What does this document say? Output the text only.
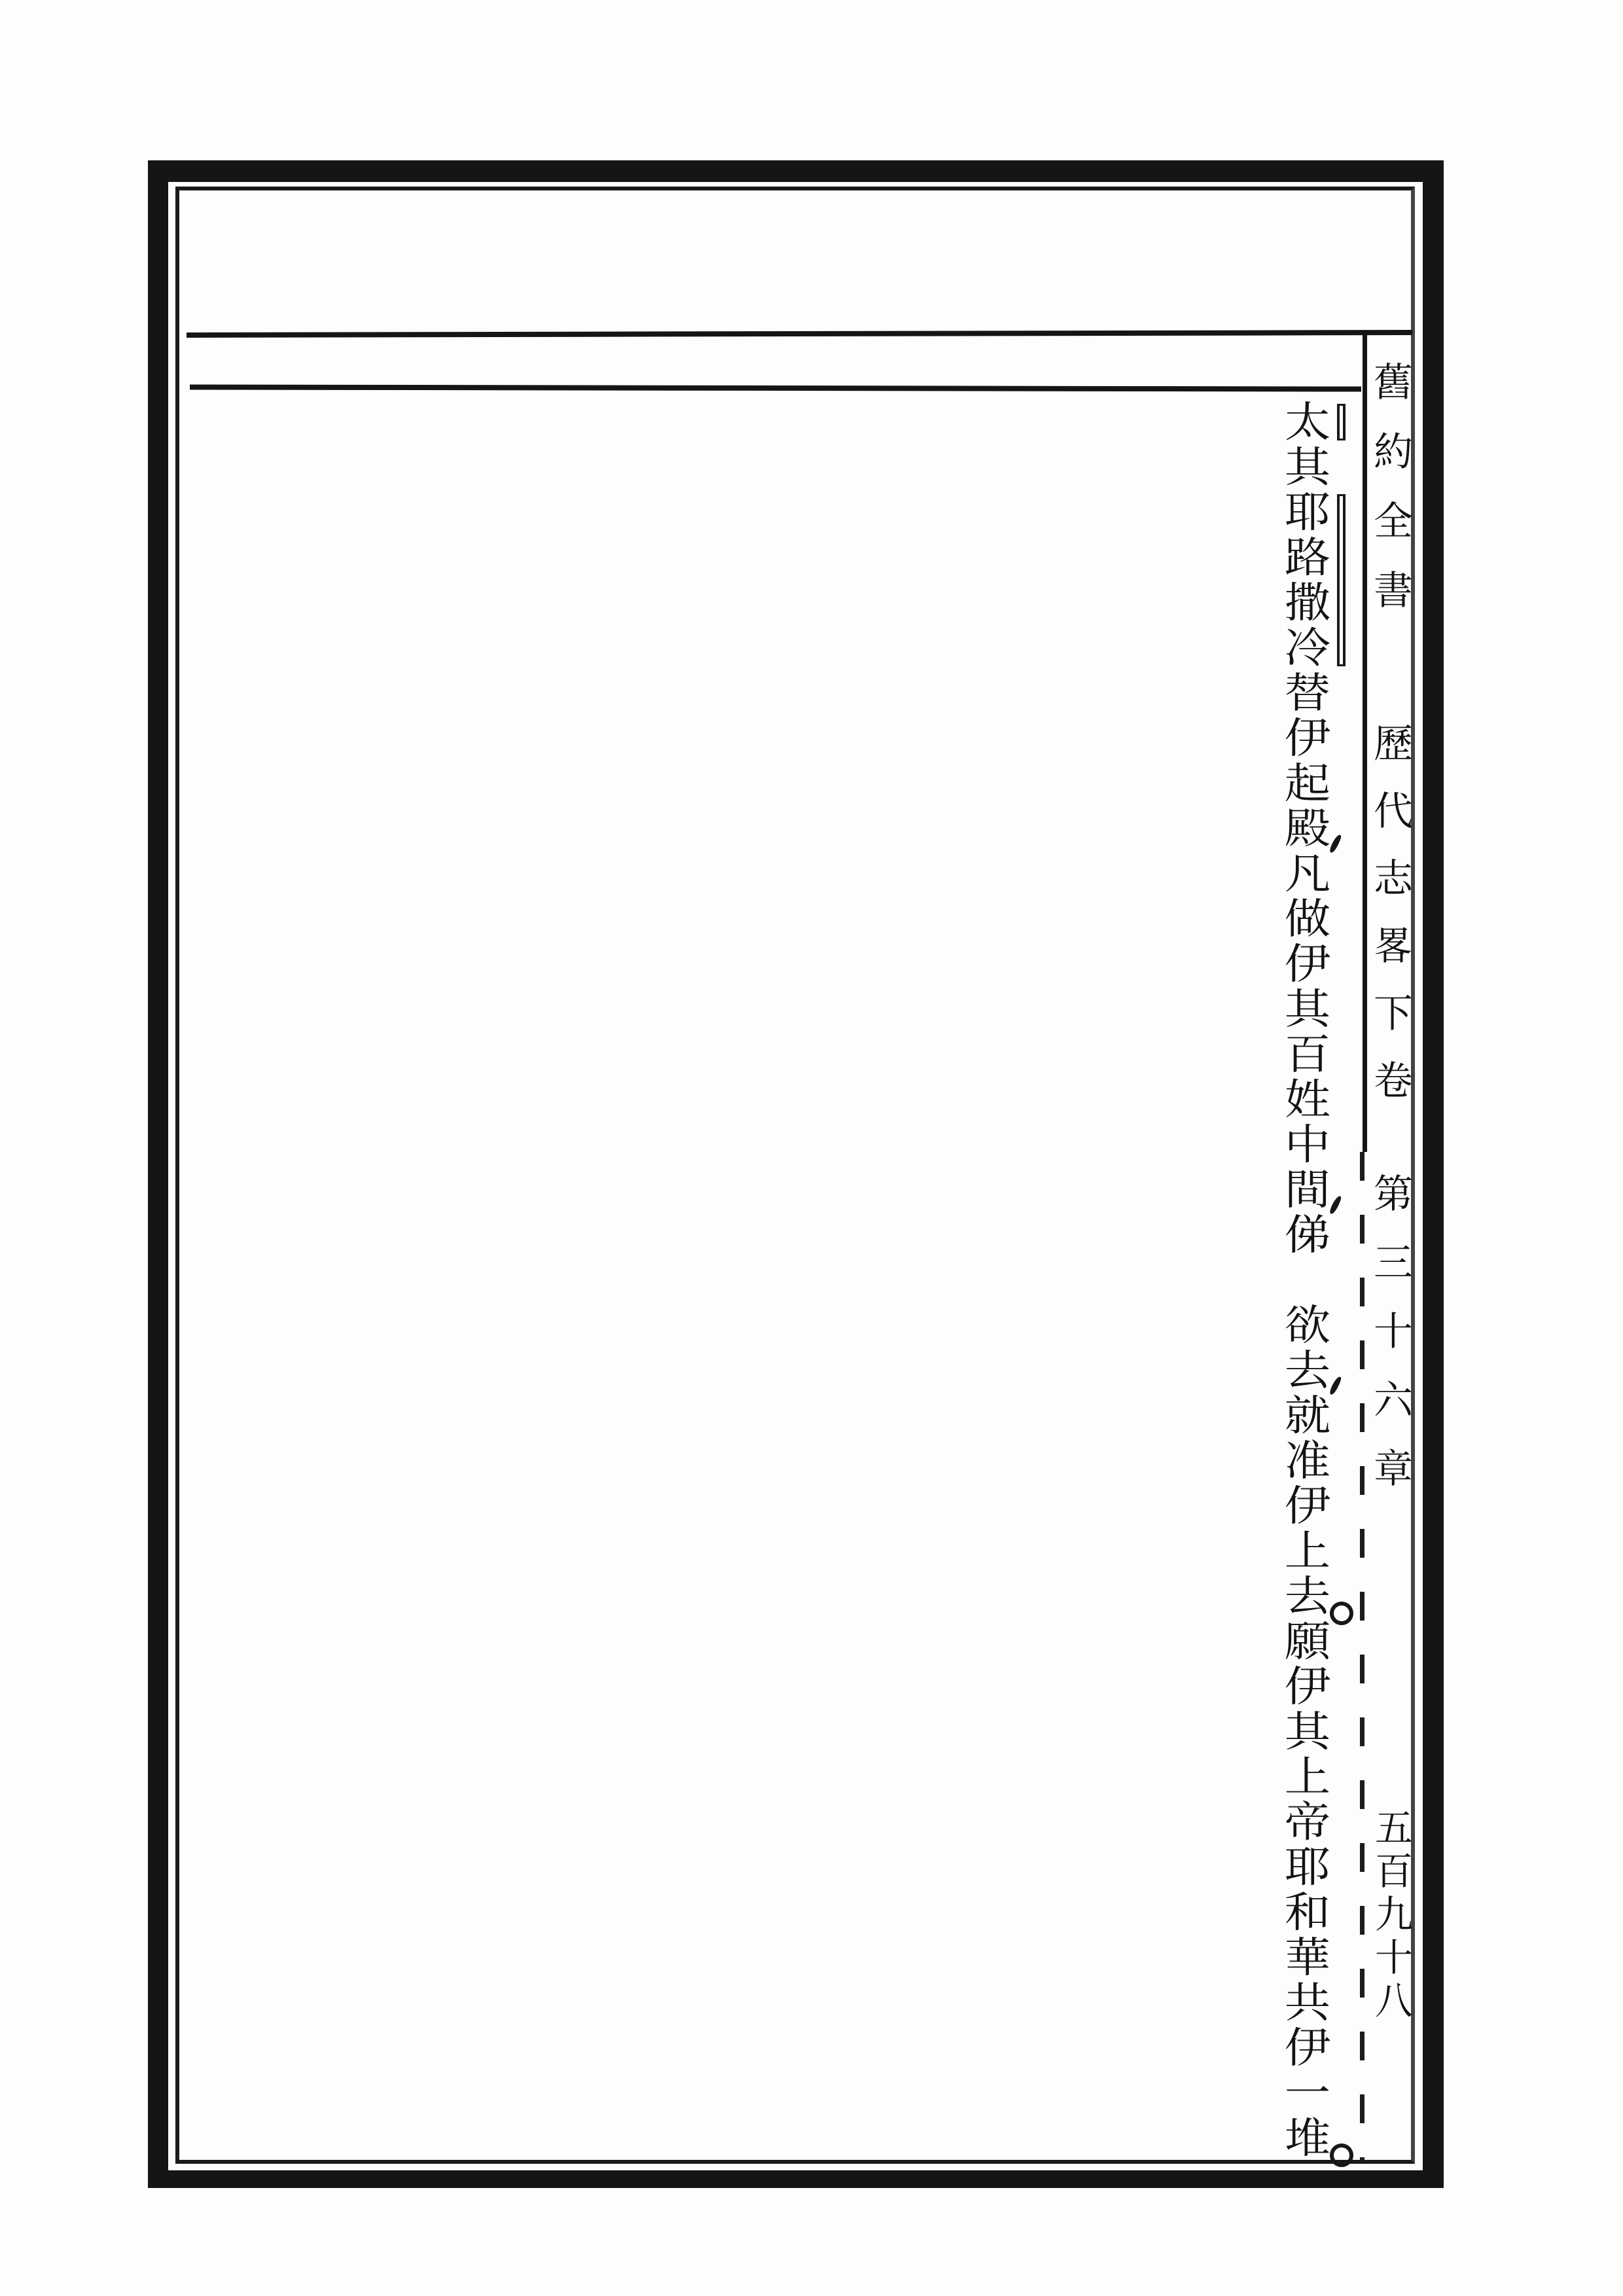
舊約全書
歷代志畧下卷
第三十六章
五百九十八
太
其
耶
路
撒
冷
替
伊
起
殿
凡
做
伊
其
百
姓
中
間
俤
𠆧
欲
去
就
准
伊
上
去
願
伊
其
上
帝
耶
和
華
共
伊
一
堆
